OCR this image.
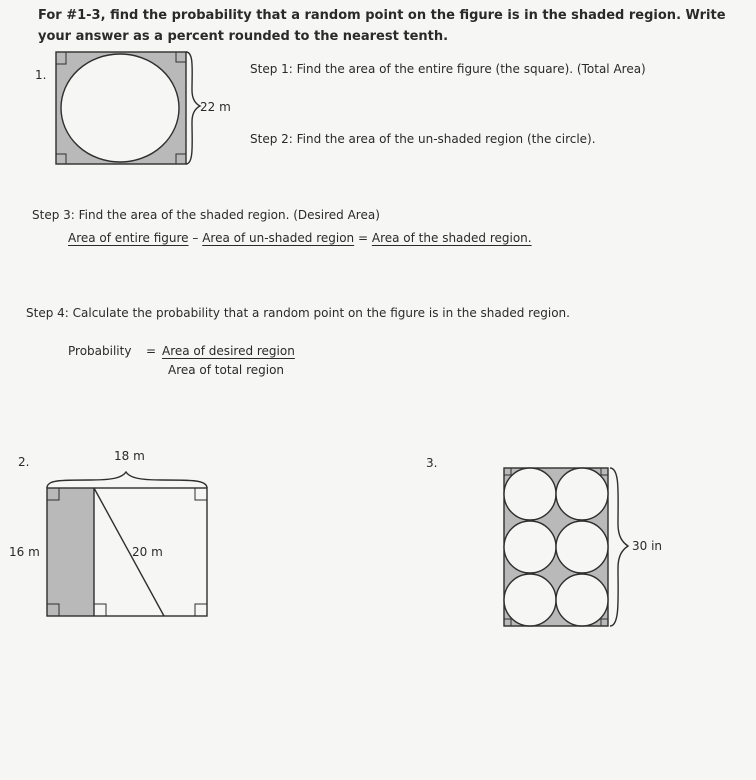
For #1-3, find the probability that a random point on the figure is in the shaded region. Write
your answer as a percent rounded to the nearest tenth.
1.
22 m
Step 1: Find the area of the entire figure (the square). (Total Area)
Step 2: Find the area of the un-shaded region (the circle).
Step 3: Find the area of the shaded region. (Desired Area)
Area of entire figure – Area of un-shaded region = Area of the shaded region.
Step 4: Calculate the probability that a random point on the figure is in the shaded region.
Probability = Area of desired region
Area of total region
2.	18 m
16 m	20 m
3.
30 in
